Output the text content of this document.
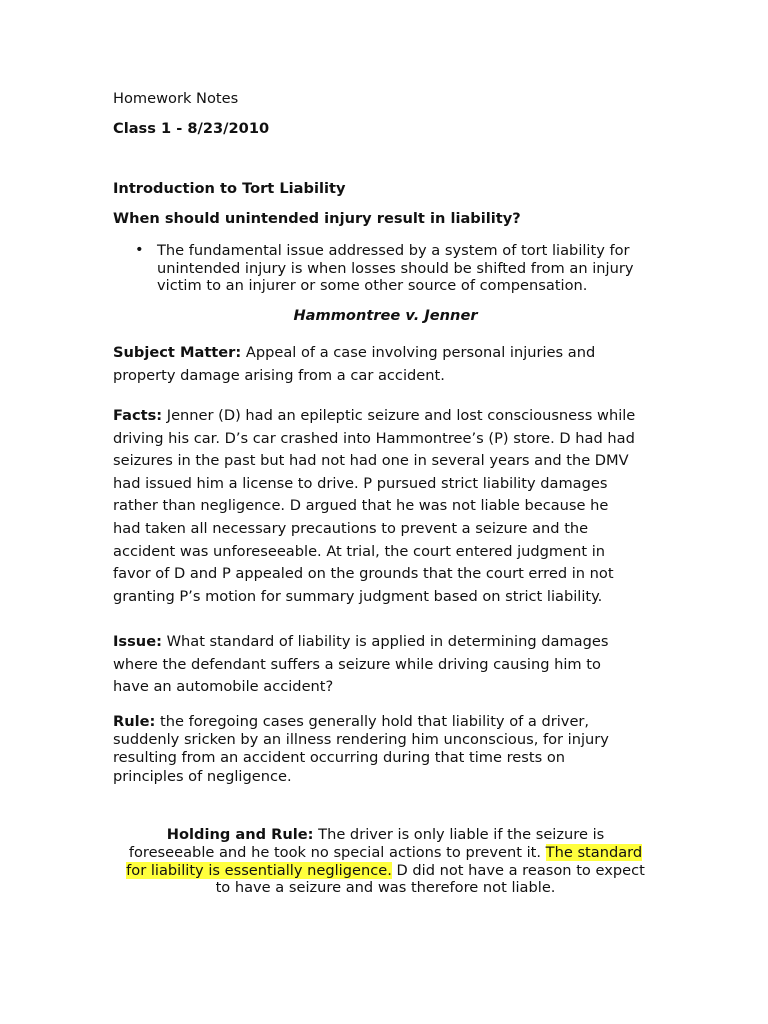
Homework Notes
Class 1 - 8/23/2010
Introduction to Tort Liability
When should unintended injury result in liability?
• The fundamental issue addressed by a system of tort liability for
unintended injury is when losses should be shifted from an injury
victim to an injurer or some other source of compensation.
Hammontree v. Jenner
Subject Matter: Appeal of a case involving personal injuries and
property damage arising from a car accident.
Facts: Jenner (D) had an epileptic seizure and lost consciousness while
driving his car. D’s car crashed into Hammontree’s (P) store. D had had
seizures in the past but had not had one in several years and the DMV
had issued him a license to drive. P pursued strict liability damages
rather than negligence. D argued that he was not liable because he
had taken all necessary precautions to prevent a seizure and the
accident was unforeseeable. At trial, the court entered judgment in
favor of D and P appealed on the grounds that the court erred in not
granting P’s motion for summary judgment based on strict liability.
Issue: What standard of liability is applied in determining damages
where the defendant suffers a seizure while driving causing him to
have an automobile accident?
Rule: the foregoing cases generally hold that liability of a driver,
suddenly sricken by an illness rendering him unconscious, for injury
resulting from an accident occurring during that time rests on
principles of negligence.
Holding and Rule: The driver is only liable if the seizure is
foreseeable and he took no special actions to prevent it. The standard
for liability is essentially negligence. D did not have a reason to expect
to have a seizure and was therefore not liable.
